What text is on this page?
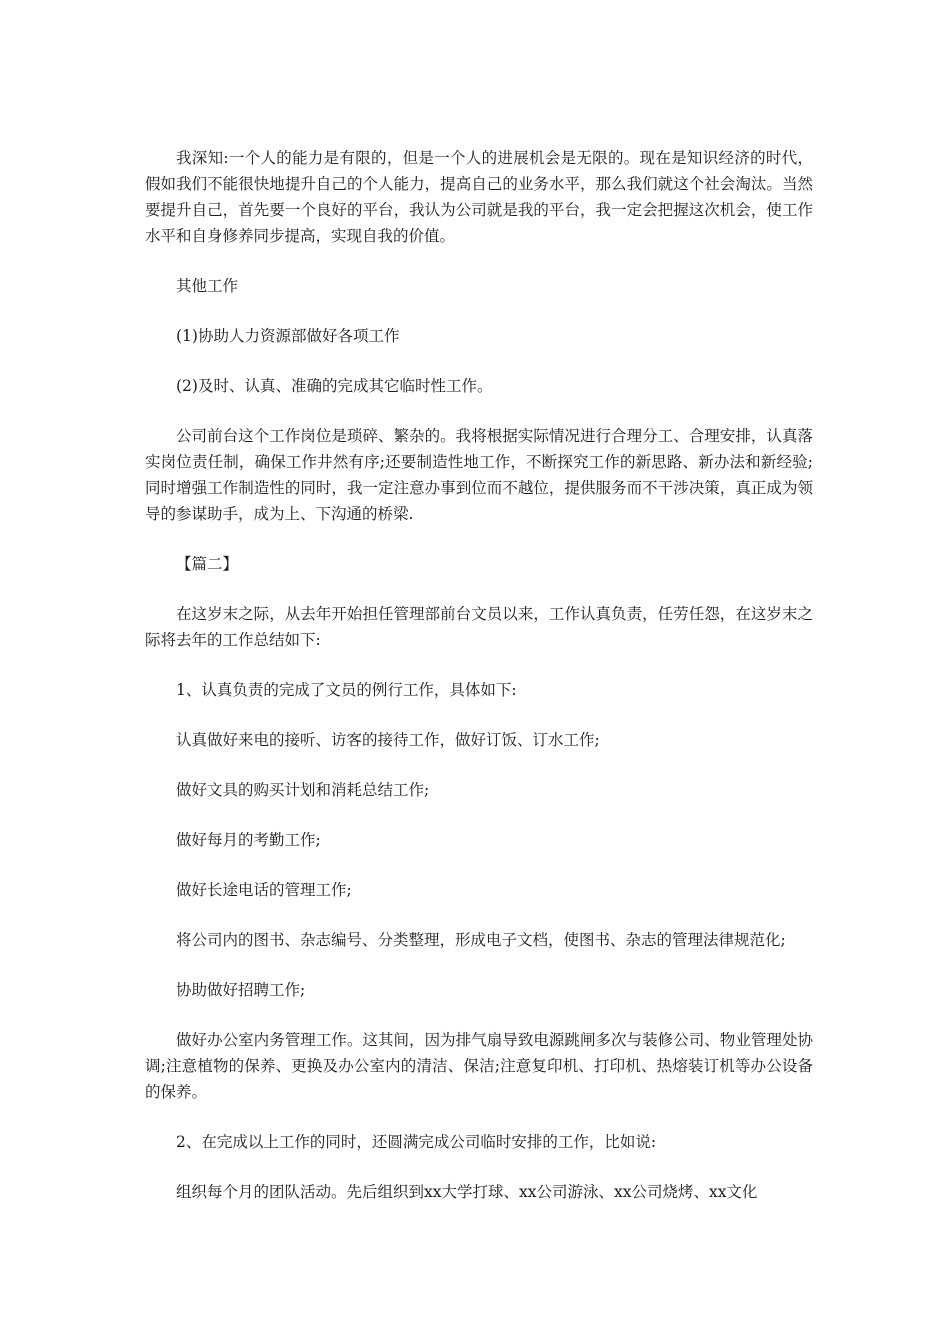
我深知:一个人的能力是有限的，但是一个人的进展机会是无限的。现在是知识经济的时代，假如我们不能很快地提升自己的个人能力，提高自己的业务水平，那么我们就这个社会淘汰。当然要提升自己，首先要一个良好的平台，我认为公司就是我的平台，我一定会把握这次机会，使工作水平和自身修养同步提高，实现自我的价值。

其他工作

(1)协助人力资源部做好各项工作

(2)及时、认真、准确的完成其它临时性工作。

公司前台这个工作岗位是琐碎、繁杂的。我将根据实际情况进行合理分工、合理安排，认真落实岗位责任制，确保工作井然有序;还要制造性地工作，不断探究工作的新思路、新办法和新经验;同时增强工作制造性的同时，我一定注意办事到位而不越位，提供服务而不干涉决策，真正成为领导的参谋助手，成为上、下沟通的桥梁.

【篇二】

在这岁末之际，从去年开始担任管理部前台文员以来，工作认真负责，任劳任怨，在这岁末之际将去年的工作总结如下:

1、认真负责的完成了文员的例行工作，具体如下:

认真做好来电的接听、访客的接待工作，做好订饭、订水工作;

做好文具的购买计划和消耗总结工作;

做好每月的考勤工作;

做好长途电话的管理工作;

将公司内的图书、杂志编号、分类整理，形成电子文档，使图书、杂志的管理法律规范化;

协助做好招聘工作;

做好办公室内务管理工作。这其间，因为排气扇导致电源跳闸多次与装修公司、物业管理处协调;注意植物的保养、更换及办公室内的清洁、保洁;注意复印机、打印机、热熔装订机等办公设备的保养。

2、在完成以上工作的同时，还圆满完成公司临时安排的工作，比如说:

组织每个月的团队活动。先后组织到xx大学打球、xx公司游泳、xx公司烧烤、xx文化
